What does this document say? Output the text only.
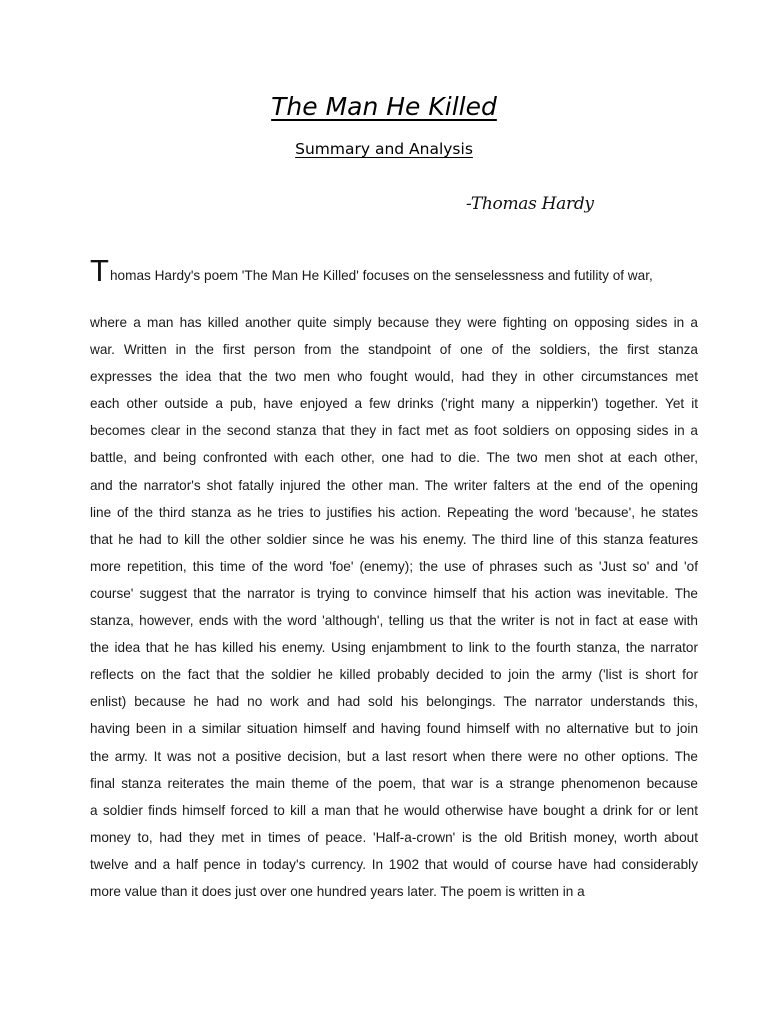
The Man He Killed
Summary and Analysis
-Thomas Hardy
T homas Hardy's poem 'The Man He Killed' focuses on the senselessness and futility of war,
where a man has killed another quite simply because they were fighting on opposing sides in a
war. Written in the first person from the standpoint of one of the soldiers, the first stanza
expresses the idea that the two men who fought would, had they in other circumstances met
each other outside a pub, have enjoyed a few drinks ('right many a nipperkin') together. Yet it
becomes clear in the second stanza that they in fact met as foot soldiers on opposing sides in a
battle, and being confronted with each other, one had to die. The two men shot at each other,
and the narrator's shot fatally injured the other man. The writer falters at the end of the opening
line of the third stanza as he tries to justifies his action. Repeating the word 'because', he states
that he had to kill the other soldier since he was his enemy. The third line of this stanza features
more repetition, this time of the word 'foe' (enemy); the use of phrases such as 'Just so' and 'of
course' suggest that the narrator is trying to convince himself that his action was inevitable. The
stanza, however, ends with the word 'although', telling us that the writer is not in fact at ease with
the idea that he has killed his enemy. Using enjambment to link to the fourth stanza, the narrator
reflects on the fact that the soldier he killed probably decided to join the army ('list is short for
enlist) because he had no work and had sold his belongings. The narrator understands this,
having been in a similar situation himself and having found himself with no alternative but to join
the army. It was not a positive decision, but a last resort when there were no other options. The
final stanza reiterates the main theme of the poem, that war is a strange phenomenon because
a soldier finds himself forced to kill a man that he would otherwise have bought a drink for or lent
money to, had they met in times of peace. 'Half-a-crown' is the old British money, worth about
twelve and a half pence in today's currency. In 1902 that would of course have had considerably
more value than it does just over one hundred years later. The poem is written in a
